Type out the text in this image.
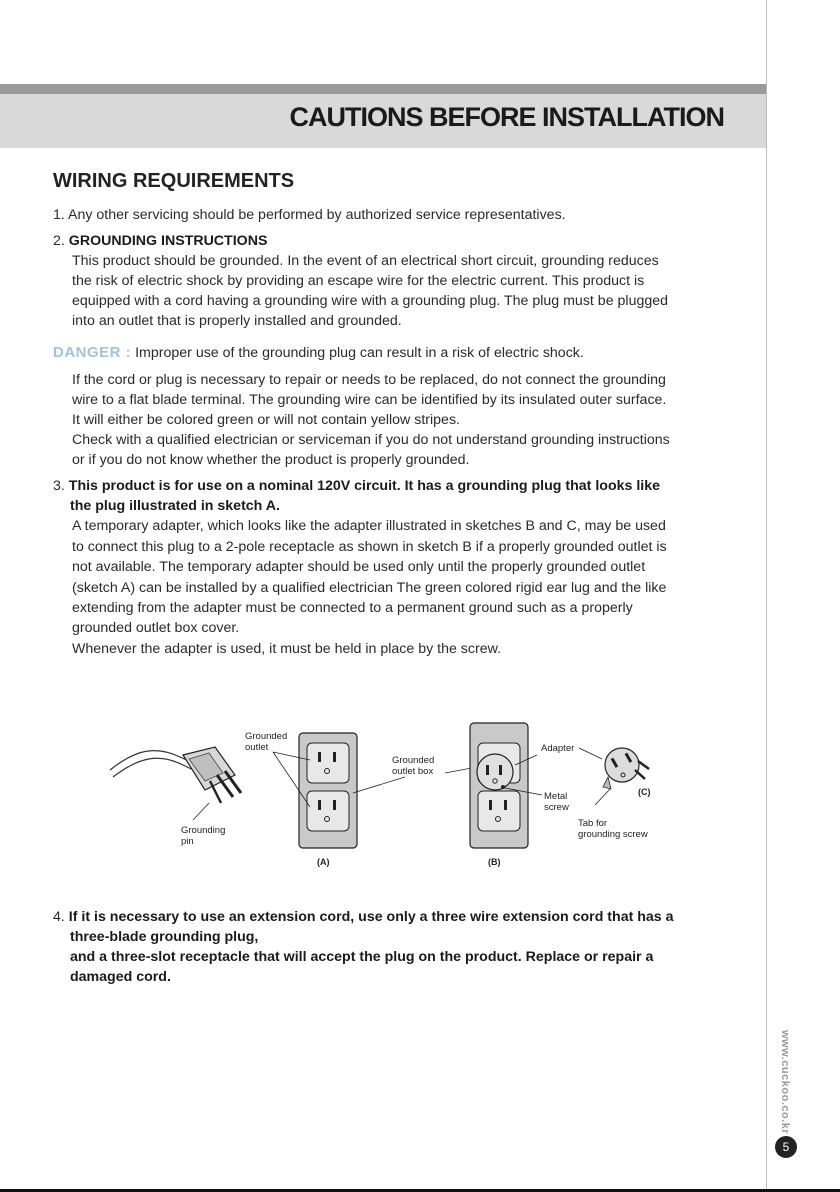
CAUTIONS BEFORE INSTALLATION
WIRING REQUIREMENTS
1. Any other servicing should be performed by authorized service representatives.
2. GROUNDING INSTRUCTIONS
This product should be grounded. In the event of an electrical short circuit, grounding reduces
the risk of electric shock by providing an escape wire for the electric current. This product is
equipped with a cord having a grounding wire with a grounding plug. The plug must be plugged
into an outlet that is properly installed and grounded.
DANGER : Improper use of the grounding plug can result in a risk of electric shock.
If the cord or plug is necessary to repair or needs to be replaced, do not connect the grounding
wire to a flat blade terminal. The grounding wire can be identified by its insulated outer surface.
It will either be colored green or will not contain yellow stripes.
Check with a qualified electrician or serviceman if you do not understand grounding instructions
or if you do not know whether the product is properly grounded.
3. This product is for use on a nominal 120V circuit. It has a grounding plug that looks like
the plug illustrated in sketch A.
A temporary adapter, which looks like the adapter illustrated in sketches B and C, may be used
to connect this plug to a 2-pole receptacle as shown in sketch B if a properly grounded outlet is
not available. The temporary adapter should be used only until the properly grounded outlet
(sketch A) can be installed by a qualified electrician The green colored rigid ear lug and the like
extending from the adapter must be connected to a permanent ground such as a properly
grounded outlet box cover.
Whenever the adapter is used, it must be held in place by the screw.
Grounding
pin
Grounded
outlet
(A)
Grounded
outlet box
(B)
Adapter
Metal
screw
(C)
Tab for
grounding screw
4. If it is necessary to use an extension cord, use only a three wire extension cord that has a
three-blade grounding plug,
and a three-slot receptacle that will accept the plug on the product. Replace or repair a
damaged cord.
www.cuckoo.co.kr
5
